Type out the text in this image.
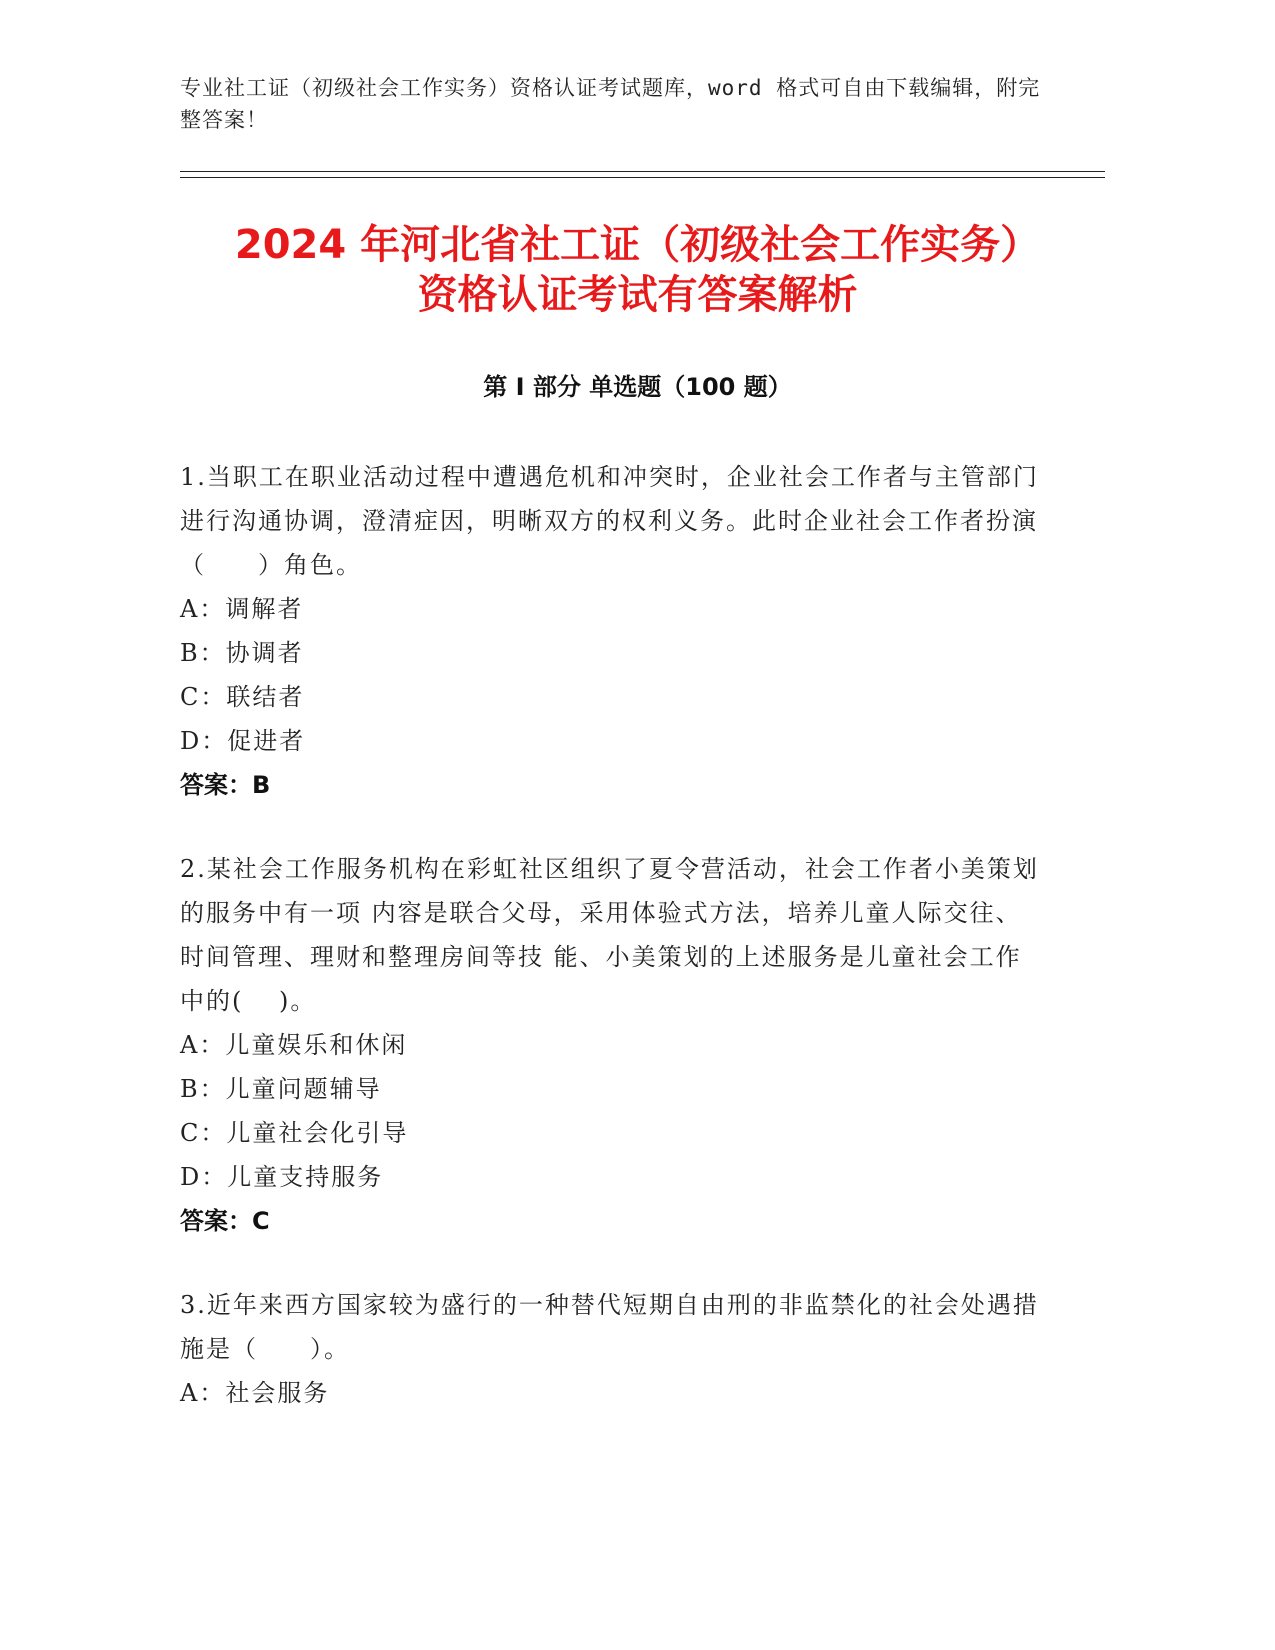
专业社工证（初级社会工作实务）资格认证考试题库，word 格式可自由下载编辑，附完整答案！
2024 年河北省社工证（初级社会工作实务）
资格认证考试有答案解析
第 I 部分 单选题（100 题）

1.当职工在职业活动过程中遭遇危机和冲突时，企业社会工作者与主管部门进行沟通协调，澄清症因，明晰双方的权利义务。此时企业社会工作者扮演（　　）角色。

A：调解者

B：协调者

C：联结者

D：促进者

答案：B

2.某社会工作服务机构在彩虹社区组织了夏令营活动，社会工作者小美策划的服务中有一项 内容是联合父母，采用体验式方法，培养儿童人际交往、时间管理、理财和整理房间等技 能、小美策划的上述服务是儿童社会工作中的(　 )。

A：儿童娱乐和休闲

B：儿童问题辅导

C：儿童社会化引导

D：儿童支持服务

答案：C

3.近年来西方国家较为盛行的一种替代短期自由刑的非监禁化的社会处遇措施是（　　）。

A：社会服务
